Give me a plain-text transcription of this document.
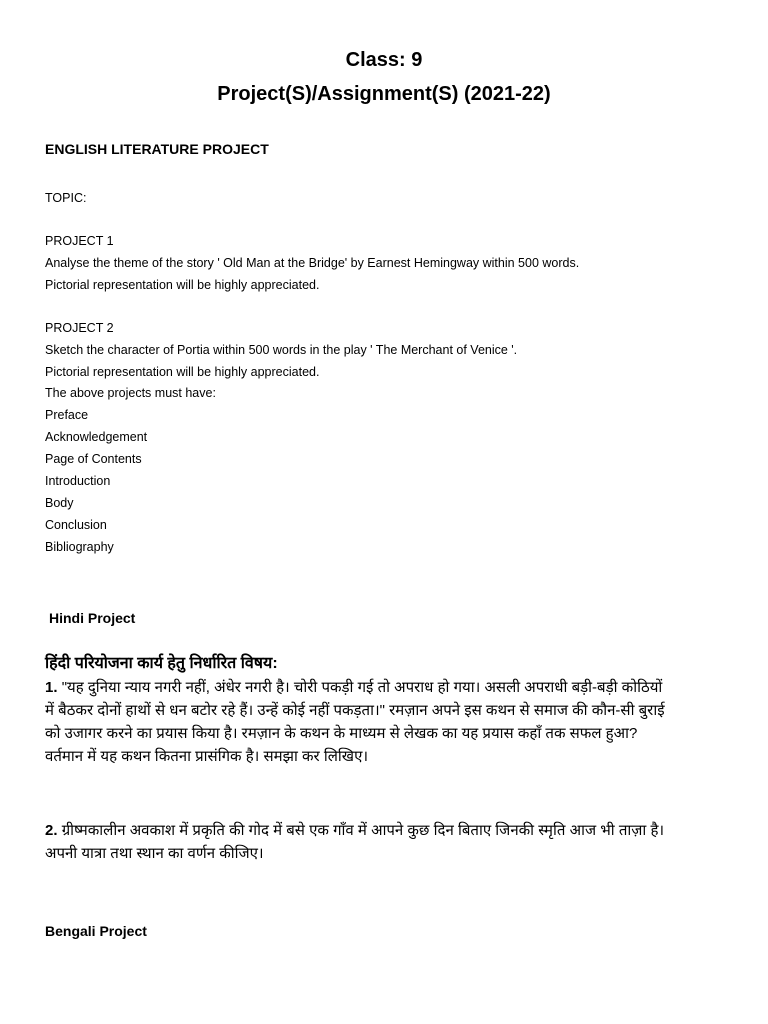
Class: 9
Project(S)/Assignment(S) (2021-22)
ENGLISH LITERATURE PROJECT
TOPIC:
PROJECT 1
Analyse the theme of the story ' Old Man at the Bridge' by Earnest Hemingway within 500 words.
Pictorial representation will be highly appreciated.
PROJECT 2
Sketch the character of Portia within 500 words in the play ' The Merchant of Venice '.
Pictorial representation will be highly appreciated.
The above projects must have:
Preface
Acknowledgement
Page of Contents
Introduction
Body
Conclusion
Bibliography
Hindi Project
हिंदी परियोजना कार्य हेतु निर्धारित विषय:
1. "यह दुनिया न्याय नगरी नहीं, अंधेर नगरी है। चोरी पकड़ी गई तो अपराध हो गया। असली अपराधी बड़ी-बड़ी कोठियों
में बैठकर दोनों हाथों से धन बटोर रहे हैं। उन्हें कोई नहीं पकड़ता।" रमज़ान अपने इस कथन से समाज की कौन-सी बुराई
को उजागर करने का प्रयास किया है। रमज़ान के कथन के माध्यम से लेखक का यह प्रयास कहाँ तक सफल हुआ?
वर्तमान में यह कथन कितना प्रासंगिक है। समझा कर लिखिए।
2. ग्रीष्मकालीन अवकाश में प्रकृति की गोद में बसे एक गाँव में आपने कुछ दिन बिताए जिनकी स्मृति आज भी ताज़ा है।
अपनी यात्रा तथा स्थान का वर्णन कीजिए।
Bengali Project
